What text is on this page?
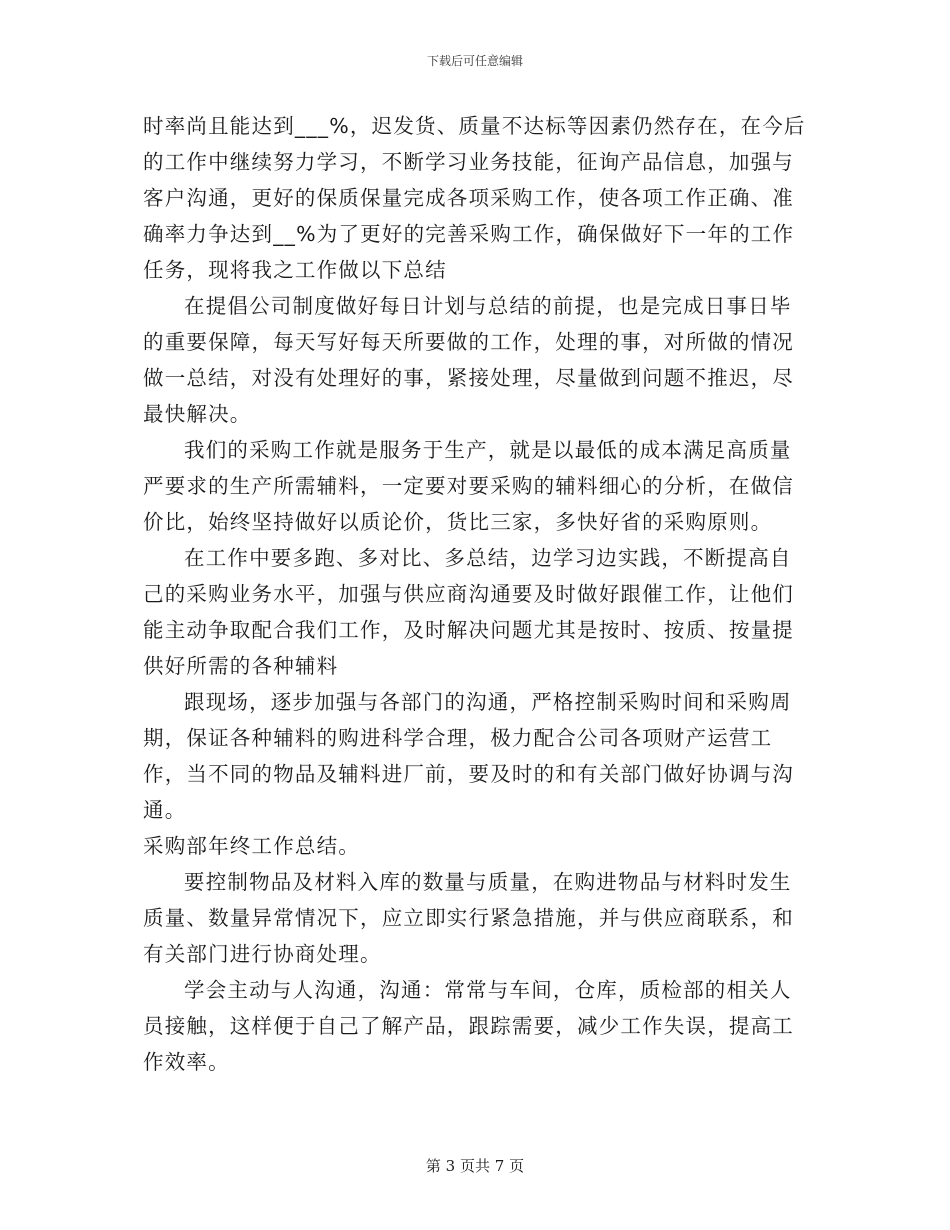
下载后可任意编辑

时率尚且能达到___%，迟发货、质量不达标等因素仍然存在，在今后的工作中继续努力学习，不断学习业务技能，征询产品信息，加强与客户沟通，更好的保质保量完成各项采购工作，使各项工作正确、准确率力争达到__%为了更好的完善采购工作，确保做好下一年的工作任务，现将我之工作做以下总结

在提倡公司制度做好每日计划与总结的前提，也是完成日事日毕的重要保障，每天写好每天所要做的工作，处理的事，对所做的情况做一总结，对没有处理好的事，紧接处理，尽量做到问题不推迟，尽最快解决。

我们的采购工作就是服务于生产，就是以最低的成本满足高质量严要求的生产所需辅料，一定要对要采购的辅料细心的分析，在做信价比，始终坚持做好以质论价，货比三家，多快好省的采购原则。

在工作中要多跑、多对比、多总结，边学习边实践，不断提高自己的采购业务水平，加强与供应商沟通要及时做好跟催工作，让他们能主动争取配合我们工作，及时解决问题尤其是按时、按质、按量提供好所需的各种辅料

跟现场，逐步加强与各部门的沟通，严格控制采购时间和采购周期，保证各种辅料的购进科学合理，极力配合公司各项财产运营工作，当不同的物品及辅料进厂前，要及时的和有关部门做好协调与沟通。

采购部年终工作总结。

要控制物品及材料入库的数量与质量，在购进物品与材料时发生质量、数量异常情况下，应立即实行紧急措施，并与供应商联系，和有关部门进行协商处理。

学会主动与人沟通，沟通：常常与车间，仓库，质检部的相关人员接触，这样便于自己了解产品，跟踪需要，减少工作失误，提高工作效率。

第 3 页共 7 页
